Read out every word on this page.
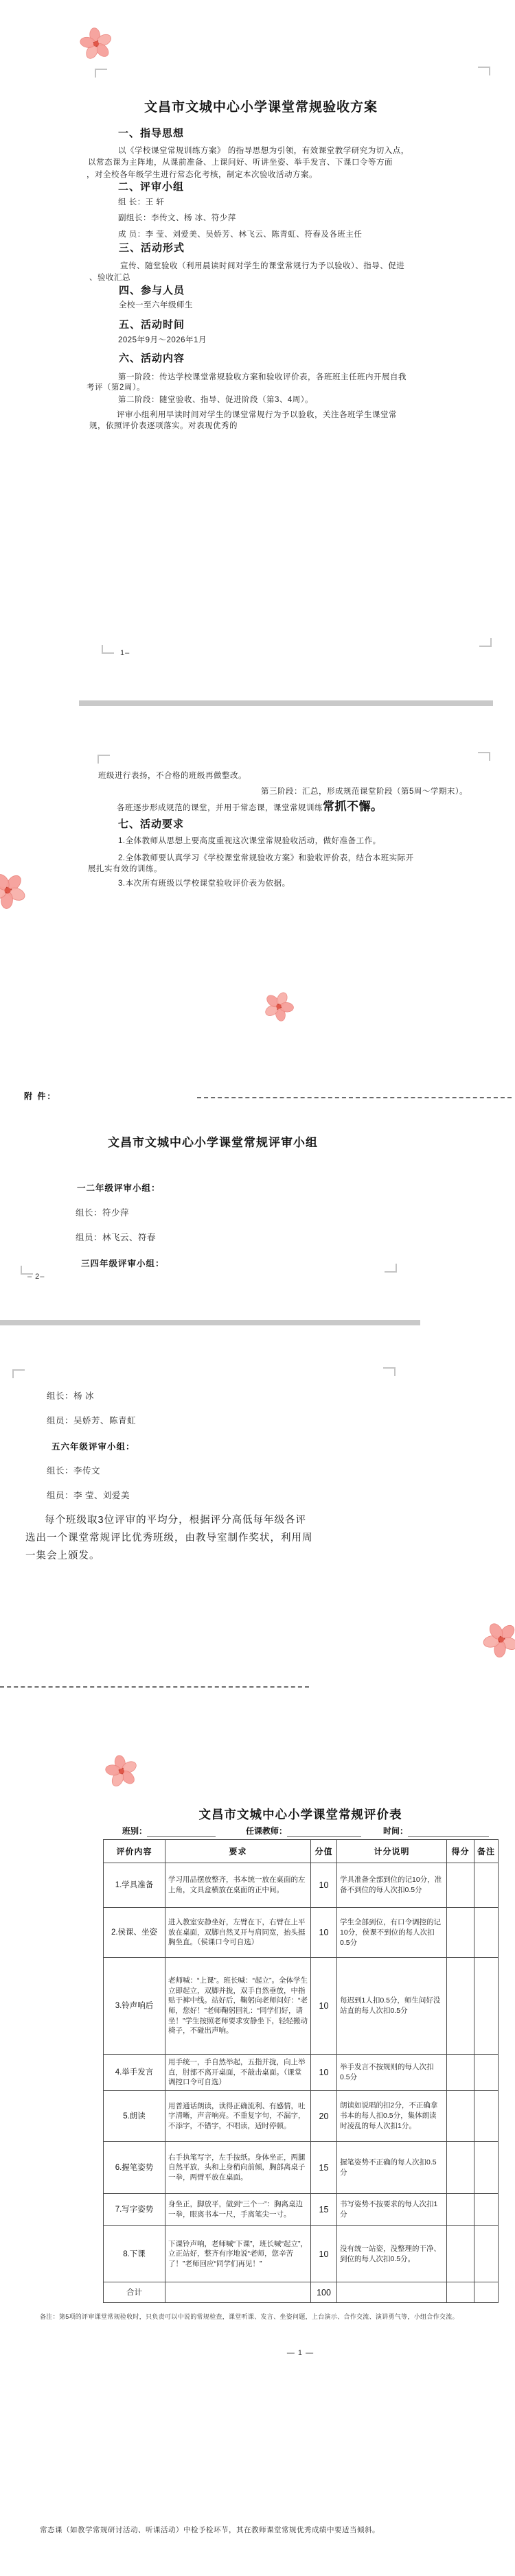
文昌市文城中心小学课堂常规验收方案
一、指导思想
以《学校课堂常规训练方案》 的指导思想为引领，有效课堂教学研究为切入点，
以常态课为主阵地，从课前准备、上课问好、听讲坐姿、举手发言、下课口令等方面
，对全校各年级学生进行常态化考核，制定本次验收活动方案。
二、评审小组
组 长：王 轩
副组长：李传文、杨 冰、符少萍
成 员：李 莹、刘爱美、吴娇芳、林飞云、陈青虹、符春及各班主任
三、活动形式
宣传、随堂验收（利用晨读时间对学生的课堂常规行为予以验收）、指导、促进
、验收汇总
四、参与人员
全校一至六年级师生
五、活动时间
2025年9月～2026年1月
六、活动内容
第一阶段：传达学校课堂常规验收方案和验收评价表，各班班主任班内开展自我
考评（第2周）。
第二阶段：随堂验收、指导、促进阶段（第3、4周）。
评审小组利用早读时间对学生的课堂常规行为予以验收，关注各班学生课堂常
规，依照评价表逐项落实。对表现优秀的
1–
班级进行表扬，不合格的班级再做整改。
第三阶段：汇总，形成规范课堂阶段（第5周～学期末）。
各班逐步形成规范的课堂，并用于常态课，课堂常规训练常抓不懈。
七、活动要求
1.全体教师从思想上要高度重视这次课堂常规验收活动，做好准备工作。
2.全体教师要认真学习《学校课堂常规验收方案》和验收评价表，结合本班实际开
展扎实有效的训练。
3.本次所有班级以学校课堂验收评价表为依据。
附 件：
文昌市文城中心小学课堂常规评审小组
一二年级评审小组：
组长：符少萍
组员：林飞云、符春
三四年级评审小组：
– 2–
组长：杨 冰
组员：吴娇芳、陈青虹
五六年级评审小组：
组长：李传文
组员：李 莹、刘爱美
每个班级取3位评审的平均分，根据评分高低每年级各评
选出一个课堂常规评比优秀班级，由教导室制作奖状，利用周
一集会上颁发。
文昌市文城中心小学课堂常规评价表
班别：	任课教师：	时间：
评价内容	要求	分值	计分说明	得分	备注
1.学具准备	学习用品摆放整齐，书本统一放在桌面的左上角，文具盒横放在桌面的正中间。	10	学具准备全部到位的记10分，准备不到位的每人次扣0.5分		
2.侯课、坐姿	进入教室安静坐好，左臂在下，右臂在上平放在桌面，双脚自然叉开与肩同宽，抬头挺胸坐直。（侯课口令可自选）	10	学生全部到位，有口令调控的记10分，侯课不到位的每人次扣0.5分		
3.铃声响后	老师喊：“上课”。班长喊：“起立”。全体学生立即起立，双脚并拢，双手自然垂放，中指贴于裤中线。站好后，鞠躬向老师问好：“老师，您好！”老师鞠躬回礼：“同学们好，请坐！”学生按照老师要求安静坐下，轻轻搬动椅子，不碰出声响。	10	每迟到1人扣0.5分，师生问好没站直的每人次扣0.5分		
4.举手发言	用手统一，手自然举起，五指并拢，向上举直，肘部不离开桌面，不敲击桌面。（课堂调控口令可自选）	10	举手发言不按规则的每人次扣0.5分		
5.朗读	用普通话朗读，读得正确流利、有感情，吐字清晰，声音响亮。不重复字句，不漏字，不添字，不错字，不唱读，适时停顿。	20	朗读如说唱的扣2分，不正确拿书本的每人扣0.5分，集体朗读时凌乱的每人次扣1分。		
6.握笔姿势	右手执笔写字，左手按纸。身体坐正，两腿自然平放，头和上身稍向前倾，胸部离桌子一拳，两臂平放在桌面。	15	握笔姿势不正确的每人次扣0.5分		
7.写字姿势	身坐正，脚放平，做到“三个一”：胸离桌边一拳，眼离书本一尺，手离笔尖一寸。	15	书写姿势不按要求的每人次扣1分		
8.下课	下课铃声响，老师喊“下课”，班长喊“起立”，立正站好，整齐有序地说“老师，您辛苦了！”老师回应“同学们再见！”	10	没有统一站姿，没整理的干净、到位的每人次扣0.5分。		
合计		100			
备注：第5项的评审课堂常规验收时，只负责可以中说的常规检查，课堂听课、发言、坐姿问题，上台演示、合作交流、演讲勇气等，小组合作交流。
— 1 —
常态课（如教学常规研讨活动、听课活动）中检予检环节，其在教师课堂常规优秀成绩中要适当倾斜。
